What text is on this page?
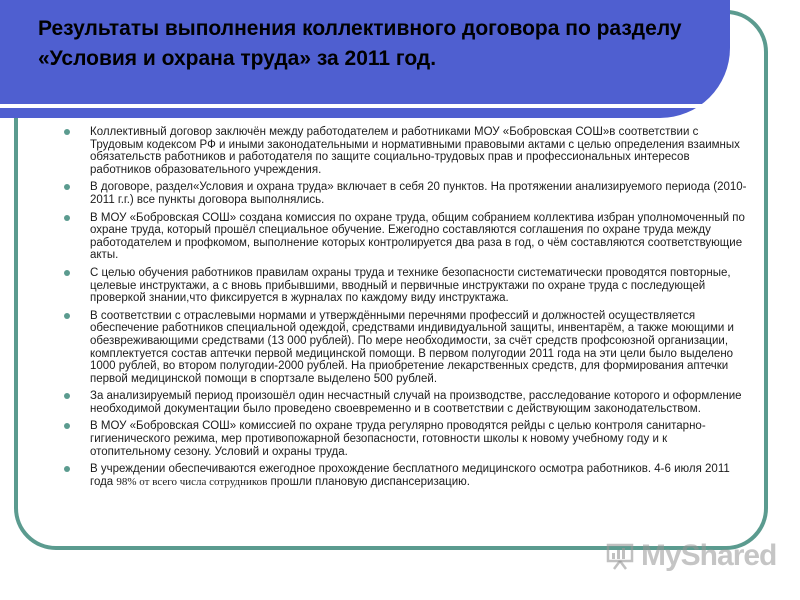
Результаты выполнения коллективного договора по разделу «Условия и охрана труда» за 2011 год.
Коллективный договор заключён между работодателем и работниками МОУ «Бобровская СОШ»в соответствии с Трудовым кодексом РФ и иными законодательными и нормативными правовыми актами с целью определения взаимных обязательств работников и работодателя по защите социально-трудовых прав и профессиональных интересов работников образовательного учреждения.
В договоре, раздел«Условия и охрана труда» включает в себя 20 пунктов. На протяжении анализируемого периода (2010-2011 г.г.) все пункты договора выполнялись.
В МОУ «Бобровская СОШ» создана комиссия по охране труда, общим собранием коллектива избран уполномоченный по охране труда, который прошёл специальное обучение. Ежегодно составляются соглашения по охране труда между работодателем и профкомом, выполнение которых контролируется два раза в год, о чём составляются соответствующие акты.
С целью обучения работников правилам охраны труда и технике безопасности систематически проводятся повторные, целевые инструктажи, а с вновь прибывшими, вводный и первичные инструктажи по охране труда с последующей проверкой знании,что фиксируется в журналах по каждому виду инструктажа.
В соответствии с отраслевыми нормами и утверждёнными перечнями профессий и должностей осуществляется обеспечение работников специальной одеждой, средствами индивидуальной защиты, инвентарём, а также моющими и обезвреживающими средствами (13 000 рублей). По мере необходимости, за счёт средств профсоюзной организации, комплектуется состав аптечки первой медицинской помощи. В первом полугодии 2011 года на эти цели было выделено 1000 рублей, во втором полугодии-2000 рублей. На приобретение лекарственных средств, для формирования аптечки первой медицинской помощи в спортзале выделено 500 рублей.
За анализируемый период произошёл один несчастный случай на производстве, расследование которого и оформление необходимой документации было проведено своевременно и в соответствии с действующим законодательством.
В МОУ «Бобровская СОШ» комиссией по охране труда регулярно проводятся рейды с целью контроля санитарно-гигиенического режима, мер противопожарной безопасности, готовности школы к новому учебному году и к отопительному сезону. Условий и охраны труда.
В учреждении обеспечиваются ежегодное прохождение бесплатного медицинского осмотра работников. 4-6 июля 2011 года 98% от всего числа сотрудников прошли плановую диспансеризацию.
MyShared
